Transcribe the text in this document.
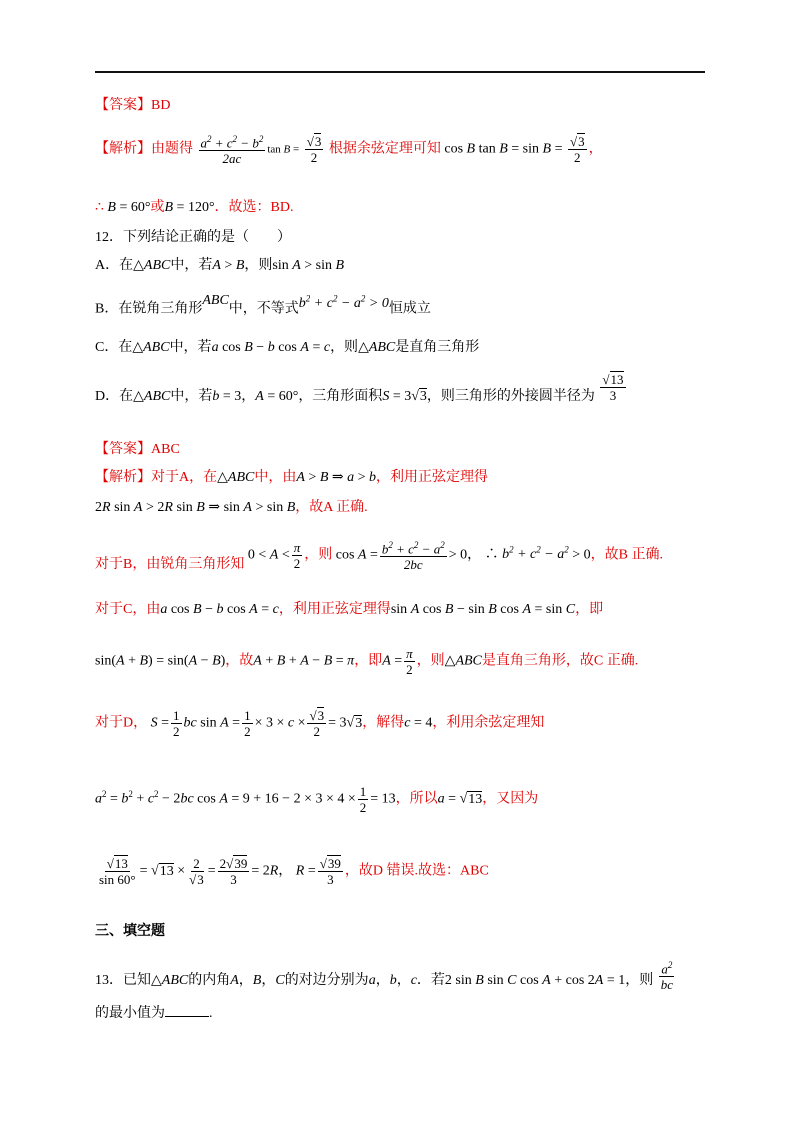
【答案】BD
【解析】由题得 $\frac{a^2 + c^2 - b^2}{2ac}$ $\tan B = \frac{√3}{2}$ 根据余弦定理可知 cos B $\tan B = \sin B = \frac{√3}{2}$ ，
∴ B = 60°或B = 120°．故选：BD.
12．下列结论正确的是（　　）
A．在△ABC中，若A > B，则sin A > sin B
B．在锐角三角形ABC中，不等式$b^2 + c^2 - a^2 > 0$恒成立
C．在△ABC中，若a cos B − b cos A = c，则△ABC是直角三角形
D．在△ABC中，若b = 3，A = 60°，三角形面积S = 3√3，则三角形的外接圆半径为 $\frac{√13}{3}$
【答案】ABC
【解析】对于A，在△ABC中，由A > B ⇒ a > b，利用正弦定理得
2R sin A > 2R sin B ⇒ sin A > sin B，故A 正确.
对于B，由锐角三角形知 $0 < A < \frac{\pi}{2}$ ，则 $\cos A = \frac{b^2 + c^2 - a^2}{2bc} > 0$， ∴ $b^2 + c^2 - a^2 > 0$，故B 正确.
对于C，由a cos B − b cos A = c，利用正弦定理得sin A cos B − sin B cos A = sin C，即
sin(A + B) = sin(A − B)，故A + B + A − B = π，即$A = \frac{\pi}{2}$ ，则△ABC是直角三角形，故C 正确.
对于D， $S = \frac{1}{2}$ bc $\sin A = \frac{1}{2} \times 3 \times c \times \frac{√3}{2} = 3√3$，解得c = 4，利用余弦定理知
$a^2 = b^2 + c^2 - 2bc$ $\cos A = 9 + 16 - 2 \times 3 \times 4 \times \frac{1}{2} = 13$，所以a = √13，又因为
$\frac{√13}{\sin 60^\circ} = √13 \times \frac{2}{√3} = \frac{2√39}{3} = 2R$， $R = \frac{√39}{3}$ ，故D 错误.故选：ABC
三、填空题
13．已知△ABC的内角A，B，C的对边分别为a，b，c．若2 sin B sin C cos A + cos 2A = 1，则 $\frac{a^2}{bc}$
的最小值为	.
